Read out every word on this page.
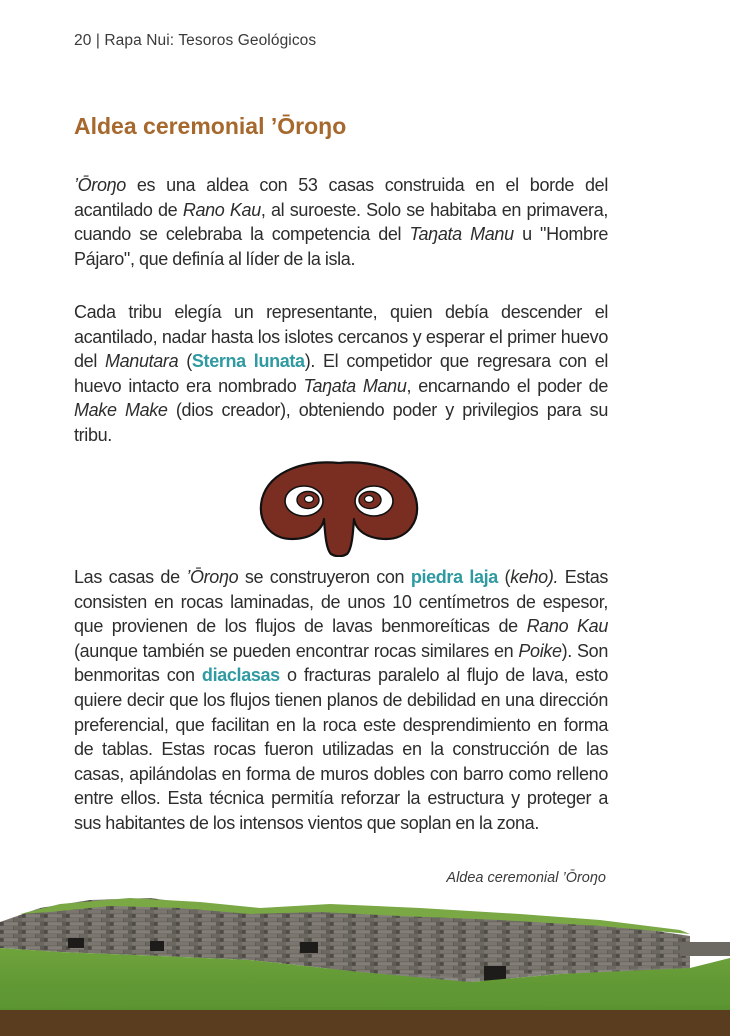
20 | Rapa Nui: Tesoros Geológicos
Aldea ceremonial ’Ōroŋo

’Ōroŋo es una aldea con 53 casas construida en el borde del acantilado de Rano Kau, al suroeste. Solo se habitaba en primavera, cuando se celebraba la competencia del Taŋata Manu u "Hombre Pájaro", que definía al líder de la isla.

Cada tribu elegía un representante, quien debía descender el acantilado, nadar hasta los islotes cercanos y esperar el primer huevo del Manutara (Sterna lunata). El competidor que regresara con el huevo intacto era nombrado Taŋata Manu, encarnando el poder de Make Make (dios creador), obteniendo poder y privilegios para su tribu.

Las casas de ’Ōroŋo se construyeron con piedra laja (keho). Estas consisten en rocas laminadas, de unos 10 centímetros de espesor, que provienen de los flujos de lavas benmoreíticas de Rano Kau (aunque también se pueden encontrar rocas similares en Poike). Son benmoritas con diaclasas o fracturas paralelo al flujo de lava, esto quiere decir que los flujos tienen planos de debilidad en una dirección preferencial, que facilitan en la roca este desprendimiento en forma de tablas. Estas rocas fueron utilizadas en la construcción de las casas, apilándolas en forma de muros dobles con barro como relleno entre ellos. Esta técnica permitía reforzar la estructura y proteger a sus habitantes de los intensos vientos que soplan en la zona.

Aldea ceremonial ’Ōroŋo
